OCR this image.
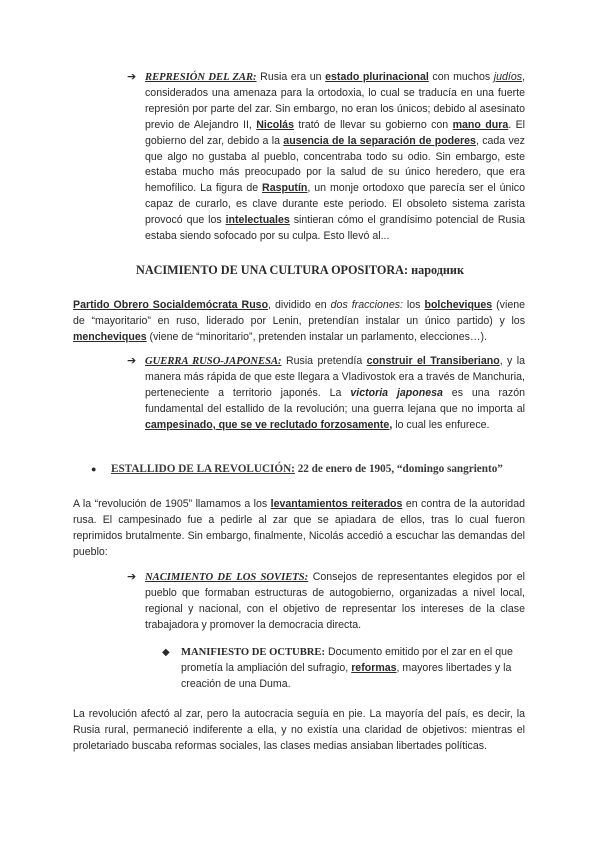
➔ REPRESIÓN DEL ZAR: Rusia era un estado plurinacional con muchos judíos, considerados una amenaza para la ortodoxia, lo cual se traducía en una fuerte represión por parte del zar. Sin embargo, no eran los únicos; debido al asesinato previo de Alejandro II, Nicolás trató de llevar su gobierno con mano dura. El gobierno del zar, debido a la ausencia de la separación de poderes, cada vez que algo no gustaba al pueblo, concentraba todo su odio. Sin embargo, este estaba mucho más preocupado por la salud de su único heredero, que era hemofílico. La figura de Rasputín, un monje ortodoxo que parecía ser el único capaz de curarlo, es clave durante este periodo. El obsoleto sistema zarista provocó que los intelectuales sintieran cómo el grandísimo potencial de Rusia estaba siendo sofocado por su culpa. Esto llevó al...
NACIMIENTO DE UNA CULTURA OPOSITORA: народник
Partido Obrero Socialdemócrata Ruso, dividido en dos fracciones: los bolcheviques (viene de “mayoritario” en ruso, liderado por Lenin, pretendían instalar un único partido) y los mencheviques (viene de “minoritario”, pretenden instalar un parlamento, elecciones…).
➔ GUERRA RUSO-JAPONESA: Rusia pretendía construir el Transiberiano, y la manera más rápida de que este llegara a Vladivostok era a través de Manchuria, perteneciente a territorio japonés. La victoria japonesa es una razón fundamental del estallido de la revolución; una guerra lejana que no importa al campesinado, que se ve reclutado forzosamente, lo cual les enfurece.
● ESTALLIDO DE LA REVOLUCIÓN: 22 de enero de 1905, “domingo sangriento”
A la “revolución de 1905” llamamos a los levantamientos reiterados en contra de la autoridad rusa. El campesinado fue a pedirle al zar que se apiadara de ellos, tras lo cual fueron reprimidos brutalmente. Sin embargo, finalmente, Nicolás accedió a escuchar las demandas del pueblo:
➔ NACIMIENTO DE LOS SOVIETS: Consejos de representantes elegidos por el pueblo que formaban estructuras de autogobierno, organizadas a nivel local, regional y nacional, con el objetivo de representar los intereses de la clase trabajadora y promover la democracia directa.
◆ MANIFIESTO DE OCTUBRE: Documento emitido por el zar en el que prometía la ampliación del sufragio, reformas, mayores libertades y la creación de una Duma.
La revolución afectó al zar, pero la autocracia seguía en pie. La mayoría del país, es decir, la Rusia rural, permaneció indiferente a ella, y no existía una claridad de objetivos: mientras el proletariado buscaba reformas sociales, las clases medias ansiaban libertades políticas.
